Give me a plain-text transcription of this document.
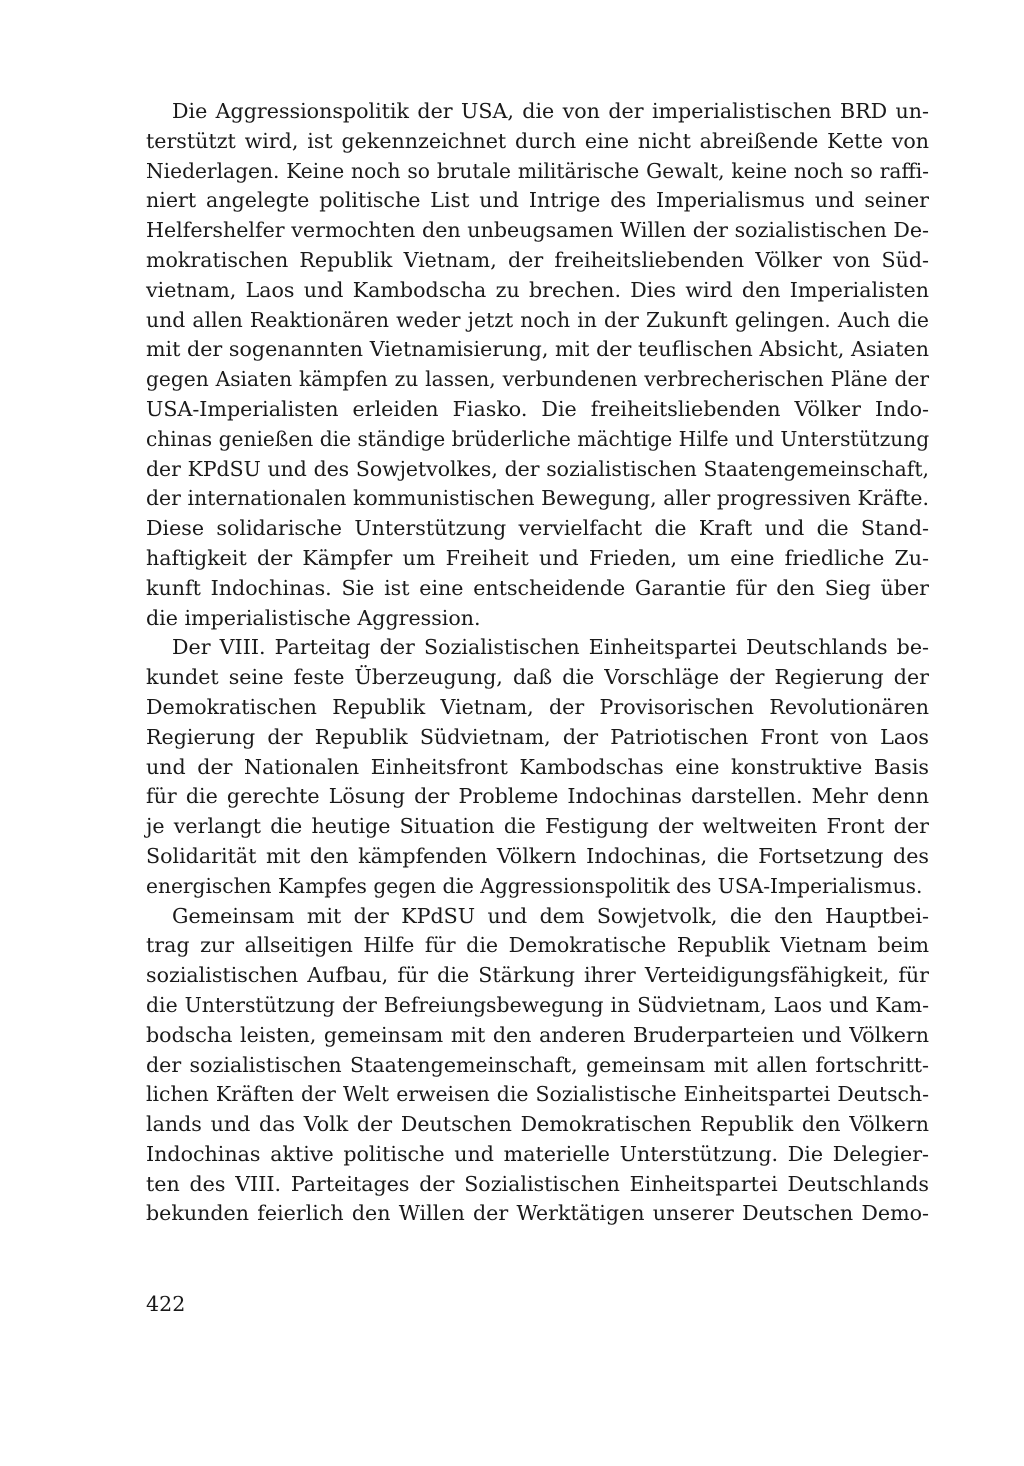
Die Aggressionspolitik der USA, die von der imperialistischen BRD un-
terstützt wird, ist gekennzeichnet durch eine nicht abreißende Kette von
Niederlagen. Keine noch so brutale militärische Gewalt, keine noch so raffi-
niert angelegte politische List und Intrige des Imperialismus und seiner
Helfershelfer vermochten den unbeugsamen Willen der sozialistischen De-
mokratischen Republik Vietnam, der freiheitsliebenden Völker von Süd-
vietnam, Laos und Kambodscha zu brechen. Dies wird den Imperialisten
und allen Reaktionären weder jetzt noch in der Zukunft gelingen. Auch die
mit der sogenannten Vietnamisierung, mit der teuflischen Absicht, Asiaten
gegen Asiaten kämpfen zu lassen, verbundenen verbrecherischen Pläne der
USA-Imperialisten erleiden Fiasko. Die freiheitsliebenden Völker Indo-
chinas genießen die ständige brüderliche mächtige Hilfe und Unterstützung
der KPdSU und des Sowjetvolkes, der sozialistischen Staatengemeinschaft,
der internationalen kommunistischen Bewegung, aller progressiven Kräfte.
Diese solidarische Unterstützung vervielfacht die Kraft und die Stand-
haftigkeit der Kämpfer um Freiheit und Frieden, um eine friedliche Zu-
kunft Indochinas. Sie ist eine entscheidende Garantie für den Sieg über
die imperialistische Aggression.
Der VIII. Parteitag der Sozialistischen Einheitspartei Deutschlands be-
kundet seine feste Überzeugung, daß die Vorschläge der Regierung der
Demokratischen Republik Vietnam, der Provisorischen Revolutionären
Regierung der Republik Südvietnam, der Patriotischen Front von Laos
und der Nationalen Einheitsfront Kambodschas eine konstruktive Basis
für die gerechte Lösung der Probleme Indochinas darstellen. Mehr denn
je verlangt die heutige Situation die Festigung der weltweiten Front der
Solidarität mit den kämpfenden Völkern Indochinas, die Fortsetzung des
energischen Kampfes gegen die Aggressionspolitik des USA-Imperialismus.
Gemeinsam mit der KPdSU und dem Sowjetvolk, die den Hauptbei-
trag zur allseitigen Hilfe für die Demokratische Republik Vietnam beim
sozialistischen Aufbau, für die Stärkung ihrer Verteidigungsfähigkeit, für
die Unterstützung der Befreiungsbewegung in Südvietnam, Laos und Kam-
bodscha leisten, gemeinsam mit den anderen Bruderparteien und Völkern
der sozialistischen Staatengemeinschaft, gemeinsam mit allen fortschritt-
lichen Kräften der Welt erweisen die Sozialistische Einheitspartei Deutsch-
lands und das Volk der Deutschen Demokratischen Republik den Völkern
Indochinas aktive politische und materielle Unterstützung. Die Delegier-
ten des VIII. Parteitages der Sozialistischen Einheitspartei Deutschlands
bekunden feierlich den Willen der Werktätigen unserer Deutschen Demo-
422
